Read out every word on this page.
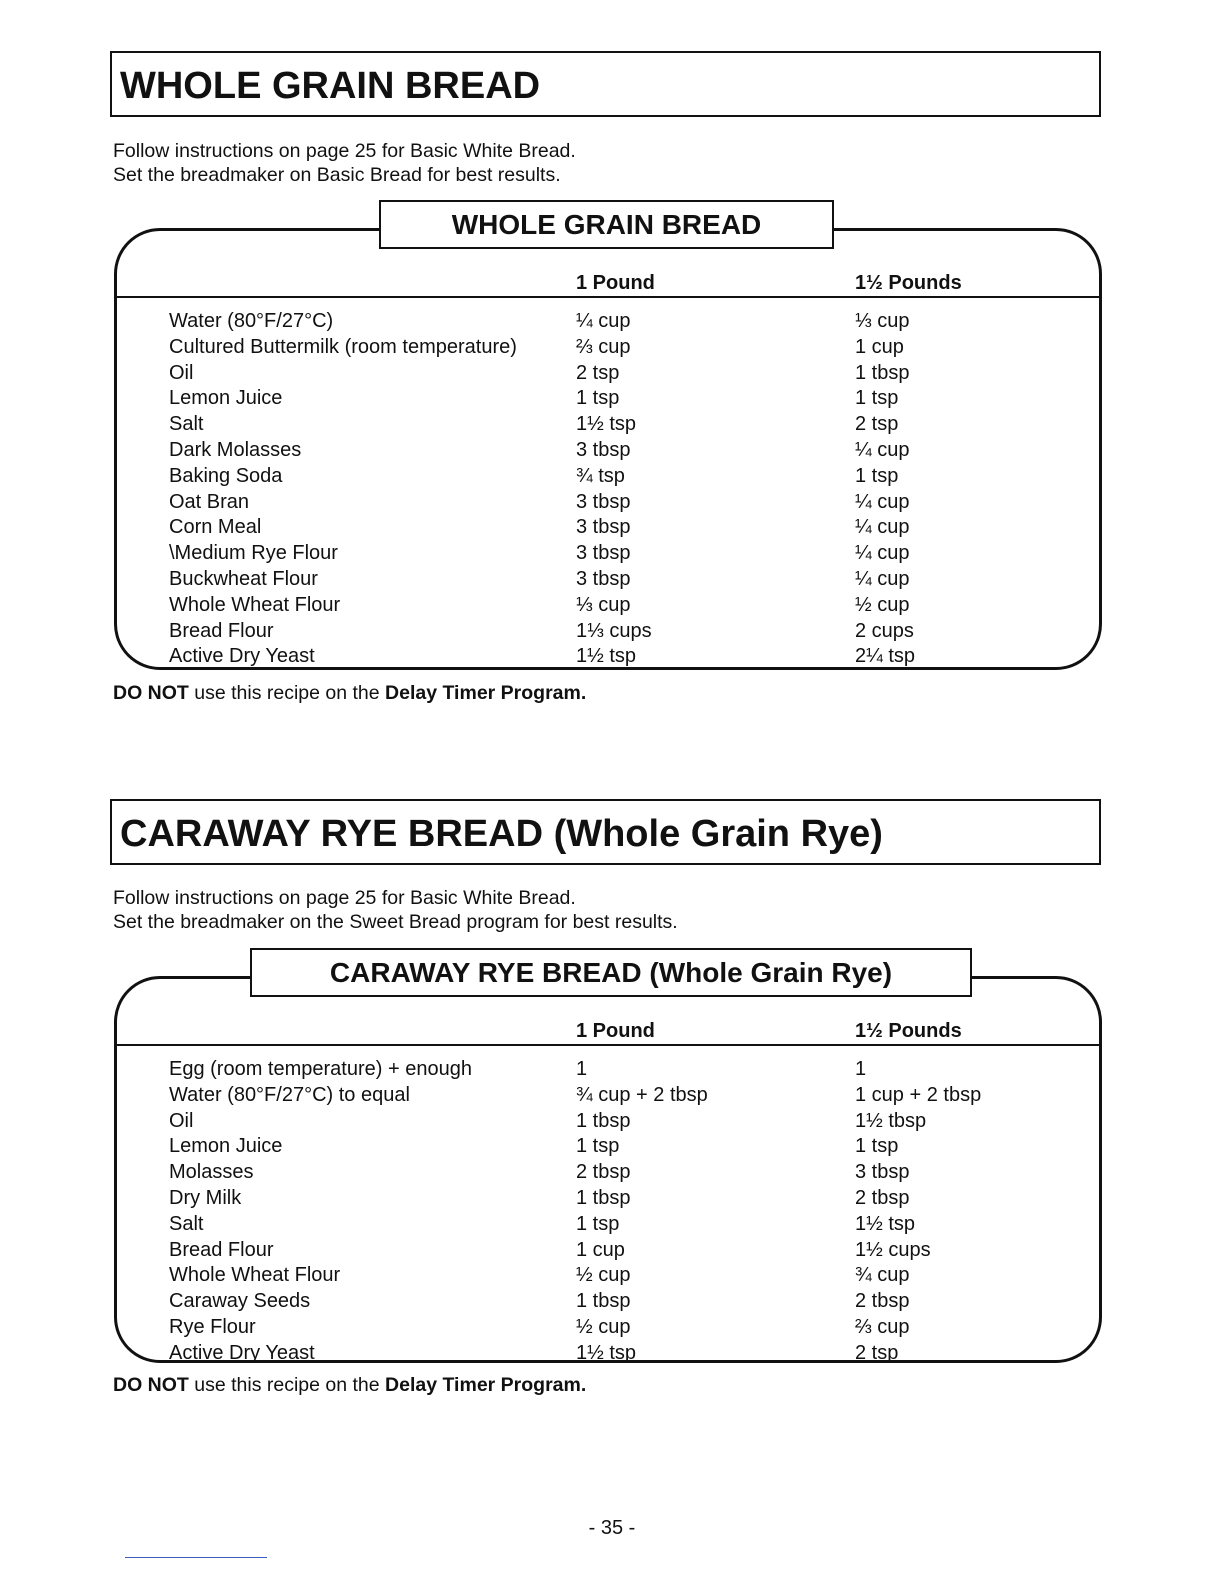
WHOLE GRAIN BREAD
Follow instructions on page 25 for Basic White Bread.
Set the breadmaker on Basic Bread for best results.
WHOLE GRAIN BREAD
1 Pound	1½ Pounds
Water (80°F/27°C)	¼ cup	⅓ cup
Cultured Buttermilk (room temperature)	⅔ cup	1 cup
Oil	2 tsp	1 tbsp
Lemon Juice	1 tsp	1 tsp
Salt	1½ tsp	2 tsp
Dark Molasses	3 tbsp	¼ cup
Baking Soda	¾ tsp	1 tsp
Oat Bran	3 tbsp	¼ cup
Corn Meal	3 tbsp	¼ cup
\Medium Rye Flour	3 tbsp	¼ cup
Buckwheat Flour	3 tbsp	¼ cup
Whole Wheat Flour	⅓ cup	½ cup
Bread Flour	1⅓ cups	2 cups
Active Dry Yeast	1½ tsp	2¼ tsp
DO NOT use this recipe on the Delay Timer Program.
CARAWAY RYE BREAD (Whole Grain Rye)
Follow instructions on page 25 for Basic White Bread.
Set the breadmaker on the Sweet Bread program for best results.
CARAWAY RYE BREAD (Whole Grain Rye)
1 Pound	1½ Pounds
Egg (room temperature) + enough	1	1
Water (80°F/27°C) to equal	¾ cup + 2 tbsp	1 cup + 2 tbsp
Oil	1 tbsp	1½ tbsp
Lemon Juice	1 tsp	1 tsp
Molasses	2 tbsp	3 tbsp
Dry Milk	1 tbsp	2 tbsp
Salt	1 tsp	1½ tsp
Bread Flour	1 cup	1½ cups
Whole Wheat Flour	½ cup	¾ cup
Caraway Seeds	1 tbsp	2 tbsp
Rye Flour	½ cup	⅔ cup
Active Dry Yeast	1½ tsp	2 tsp
DO NOT use this recipe on the Delay Timer Program.
- 35 -
